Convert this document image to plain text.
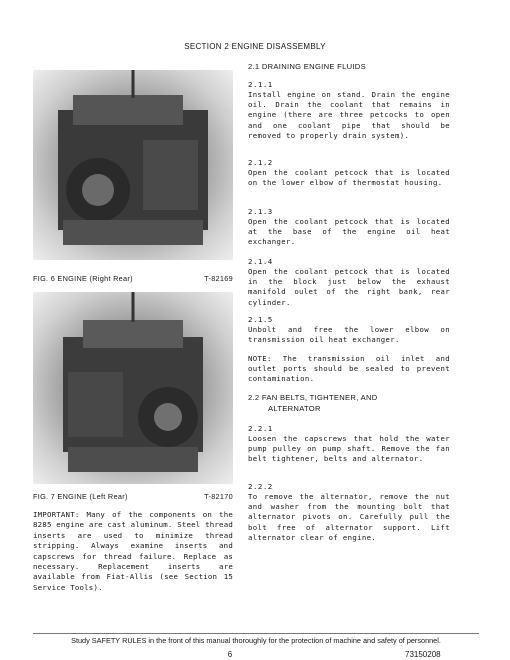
SECTION 2 ENGINE DISASSEMBLY
FIG. 6 ENGINE (Right Rear)	T-82169
FIG. 7 ENGINE (Left Rear)	T-82170
IMPORTANT: Many of the components on the 8285 engine are cast aluminum. Steel thread inserts are used to minimize thread stripping. Always examine inserts and capscrews for thread failure. Replace as necessary. Replacement inserts are available from Fiat-Allis (see Section 15 Service Tools).
2.1 DRAINING ENGINE FLUIDS
2.1.1
Install engine on stand. Drain the engine oil. Drain the coolant that remains in engine (there are three petcocks to open and one coolant pipe that should be removed to properly drain system).
2.1.2
Open the coolant petcock that is located on the lower elbow of thermostat housing.
2.1.3
Open the coolant petcock that is located at the base of the engine oil heat exchanger.
2.1.4
Open the coolant petcock that is located in the block just below the exhaust manifold oulet of the right bank, rear cylinder.
2.1.5
Unbolt and free the lower elbow on transmission oil heat exchanger.
NOTE: The transmission oil inlet and outlet ports should be sealed to prevent contamination.
2.2 FAN BELTS, TIGHTENER, AND
ALTERNATOR
2.2.1
Loosen the capscrews that hold the water pump pulley on pump shaft. Remove the fan belt tightener, belts and alternator.
2.2.2
To remove the alternator, remove the nut and washer from the mounting bolt that alternator pivots on. Carefully pull the bolt free of alternator support. Lift alternator clear of engine.
Study SAFETY RULES in the front of this manual thoroughly for the protection of machine and safety of personnel.
6	73150208
